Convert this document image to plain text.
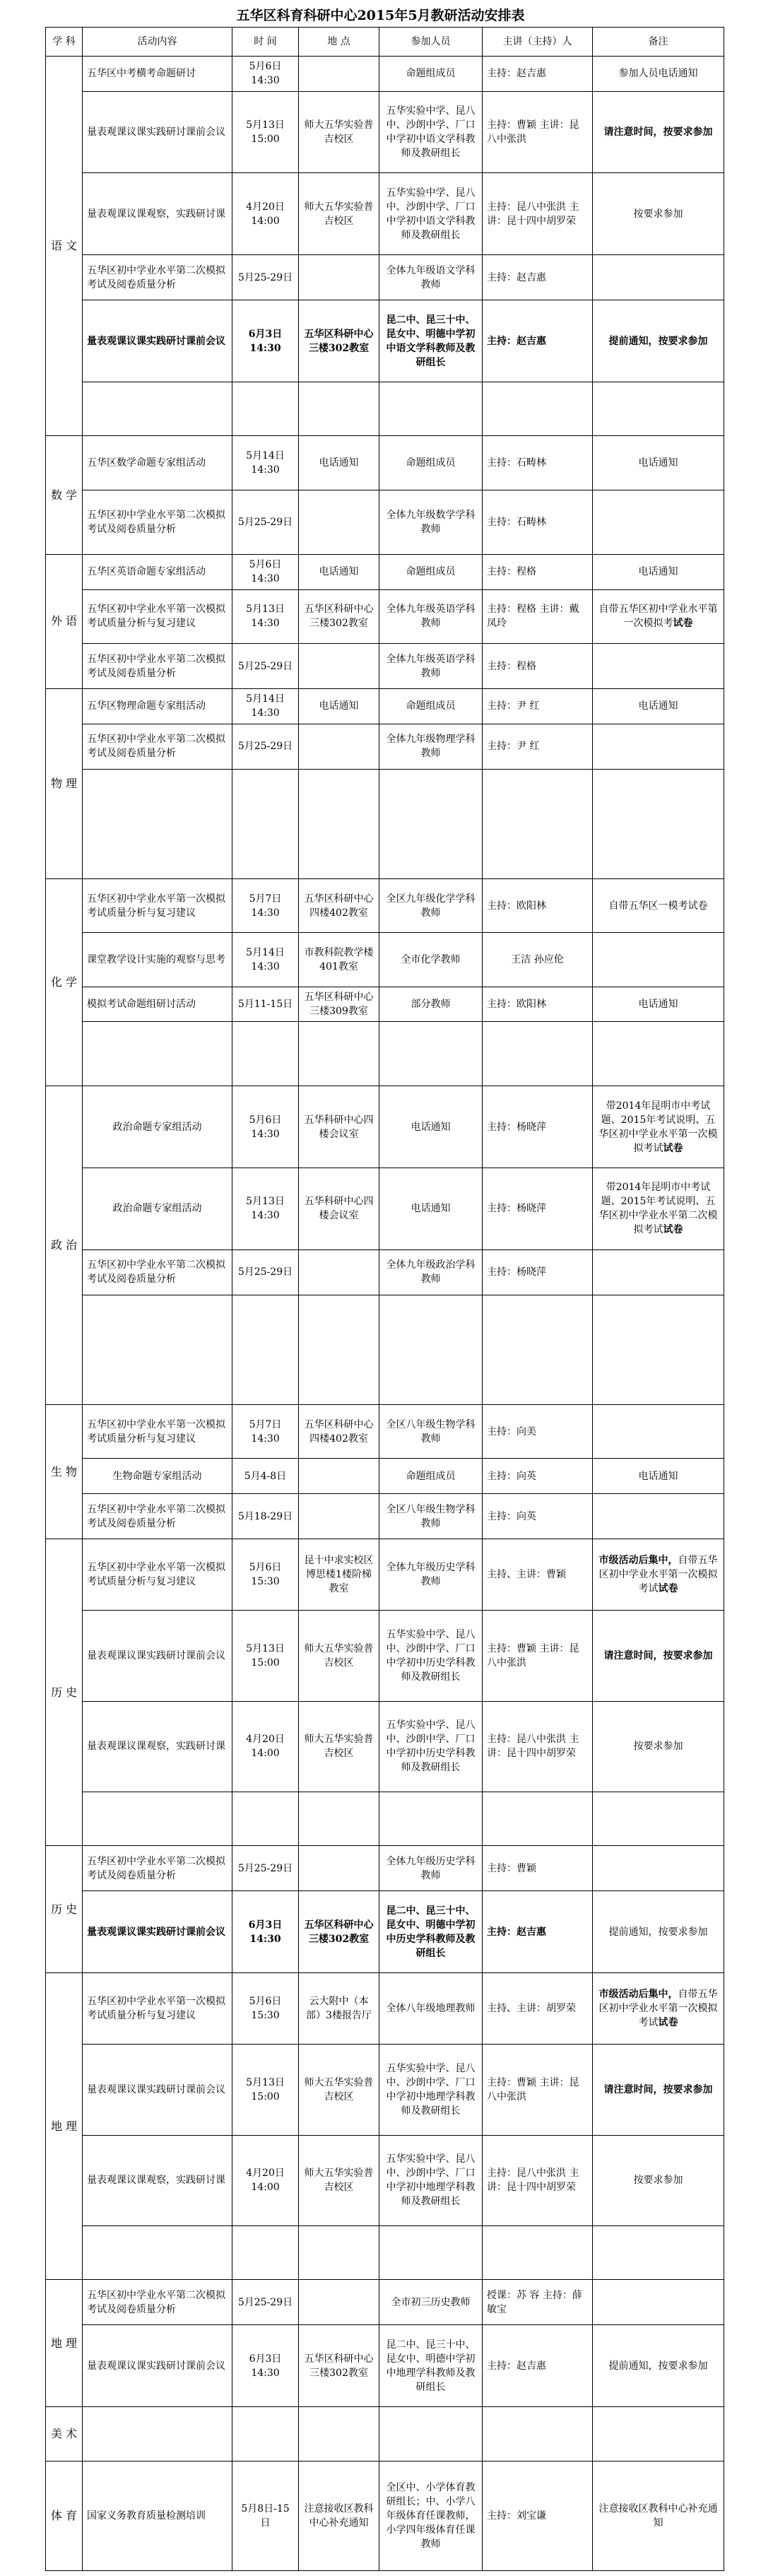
五华区科育科研中心2015年5月教研活动安排表
学 科	活动内容	时 间	地 点	参加人员	主讲（主持）人	备注
语 文	五华区中考横考命题研讨	5月6日 14:30		命题组成员	主持：赵吉惠	参加人员电话通知
	量表观课议课实践研讨课前会议	5月13日 15:00	师大五华实验普吉校区	五华实验中学、昆八中、沙朗中学、厂口中学初中语文学科教师及教研组长	主持：曹颖 主讲：昆八中张洪	请注意时间，按要求参加
	量表观课议课观察，实践研讨课	4月20日 14:00	师大五华实验普吉校区	五华实验中学、昆八中、沙朗中学、厂口中学初中语文学科教师及教研组长	主持：昆八中张洪 主讲：昆十四中胡罗荣	按要求参加
	五华区初中学业水平第二次模拟考试及阅卷质量分析	5月25-29日		全体九年级语文学科教师	主持：赵吉惠	
	量表观课议课实践研讨课前会议	6月3日 14:30	五华区科研中心三楼302教室	昆二中、昆三十中、昆女中、明德中学初中语文学科教师及教研组长	主持：赵吉惠	提前通知，按要求参加

数 学	五华区数学命题专家组活动	5月14日 14:30	电话通知	命题组成员	主持：石畴林	电话通知
	五华区初中学业水平第二次模拟考试及阅卷质量分析	5月25-29日		全体九年级数学学科教师	主持：石畴林	
外 语	五华区英语命题专家组活动	5月6日 14:30	电话通知	命题组成员	主持：程格	电话通知
	五华区初中学业水平第一次模拟考试质量分析与复习建议	5月13日 14:30	五华区科研中心三楼302教室	全体九年级英语学科教师	主持：程格 主讲：戴凤玲	自带五华区初中学业水平第一次模拟考试卷
	五华区初中学业水平第二次模拟考试及阅卷质量分析	5月25-29日		全体九年级英语学科教师	主持：程格	
物 理	五华区物理命题专家组活动	5月14日 14:30	电话通知	命题组成员	主持：尹 红	电话通知
	五华区初中学业水平第二次模拟考试及阅卷质量分析	5月25-29日		全体九年级物理学科教师	主持：尹 红	

化 学	五华区初中学业水平第一次模拟考试质量分析与复习建议	5月7日 14:30	五华区科研中心四楼402教室	全区九年级化学学科教师	主持：欧阳林	自带五华区一模考试卷
	课堂教学设计实施的观察与思考	5月14日 14:30	市教科院教学楼 401教室	全市化学教师	王洁 孙应伦	
	模拟考试命题组研讨活动	5月11-15日	五华区科研中心三楼309教室	部分教师	主持：欧阳林	电话通知

政 治	政治命题专家组活动	5月6日 14:30	五华科研中心四楼会议室	电话通知	主持：杨晓萍	带2014年昆明市中考试题、2015年考试说明、五华区初中学业水平第一次模拟考试试卷
	政治命题专家组活动	5月13日 14:30	五华科研中心四楼会议室	电话通知	主持：杨晓萍	带2014年昆明市中考试题、2015年考试说明、五华区初中学业水平第二次模拟考试试卷
	五华区初中学业水平第二次模拟考试及阅卷质量分析	5月25-29日		全体九年级政治学科教师	主持：杨晓萍	

生 物	五华区初中学业水平第一次模拟考试质量分析与复习建议	5月7日 14:30	五华区科研中心四楼402教室	全区八年级生物学科教师	主持：向美	
	生物命题专家组活动	5月4-8日		命题组成员	主持：向英	电话通知
	五华区初中学业水平第二次模拟考试及阅卷质量分析	5月18-29日		全区八年级生物学科教师	主持：向英	
历 史	五华区初中学业水平第一次模拟考试质量分析与复习建议	5月6日 15:30	昆十中求实校区博思楼1楼阶梯教室	全体九年级历史学科教师	主持、主讲：曹颖	市级活动后集中，自带五华区初中学业水平第一次模拟考试试卷
	量表观课议课实践研讨课前会议	5月13日 15:00	师大五华实验普吉校区	五华实验中学、昆八中、沙朗中学、厂口中学初中历史学科教师及教研组长	主持：曹颖 主讲：昆八中张洪	请注意时间，按要求参加
	量表观课议课观察，实践研讨课	4月20日 14:00	师大五华实验普吉校区	五华实验中学、昆八中、沙朗中学、厂口中学初中历史学科教师及教研组长	主持：昆八中张洪 主讲：昆十四中胡罗荣	按要求参加

历 史	五华区初中学业水平第二次模拟考试及阅卷质量分析	5月25-29日		全体九年级历史学科教师	主持：曹颖	
	量表观课议课实践研讨课前会议	6月3日 14:30	五华区科研中心三楼302教室	昆二中、昆三十中、昆女中、明德中学初中历史学科教师及教研组长	主持：赵吉惠	提前通知，按要求参加
地 理	五华区初中学业水平第一次模拟考试质量分析与复习建议	5月6日 15:30	云大附中（本部）3楼报告厅	全体八年级地理教师	主持、主讲：胡罗荣	市级活动后集中，自带五华区初中学业水平第一次模拟考试试卷
	量表观课议课实践研讨课前会议	5月13日 15:00	师大五华实验普吉校区	五华实验中学、昆八中、沙朗中学、厂口中学初中地理学科教师及教研组长	主持：曹颖 主讲：昆八中张洪	请注意时间，按要求参加
	量表观课议课观察，实践研讨课	4月20日 14:00	师大五华实验普吉校区	五华实验中学、昆八中、沙朗中学、厂口中学初中地理学科教师及教研组长	主持：昆八中张洪 主讲：昆十四中胡罗荣	按要求参加

地 理	五华区初中学业水平第二次模拟考试及阅卷质量分析	5月25-29日		全市初三历史教师	授课：苏 容 主持：薛敏宝	
	量表观课议课实践研讨课前会议	6月3日 14:30	五华区科研中心三楼302教室	昆二中、昆三十中、昆女中、明德中学初中地理学科教师及教研组长	主持：赵吉惠	提前通知，按要求参加
美 术						
体 育	国家义务教育质量检测培训	5月8日-15日	注意接收区教科中心补充通知	全区中、小学体育教研组长；中、小学八年级体育任课教师，小学四年级体育任课教师	主持：刘宝谦	注意接收区教科中心补充通知
